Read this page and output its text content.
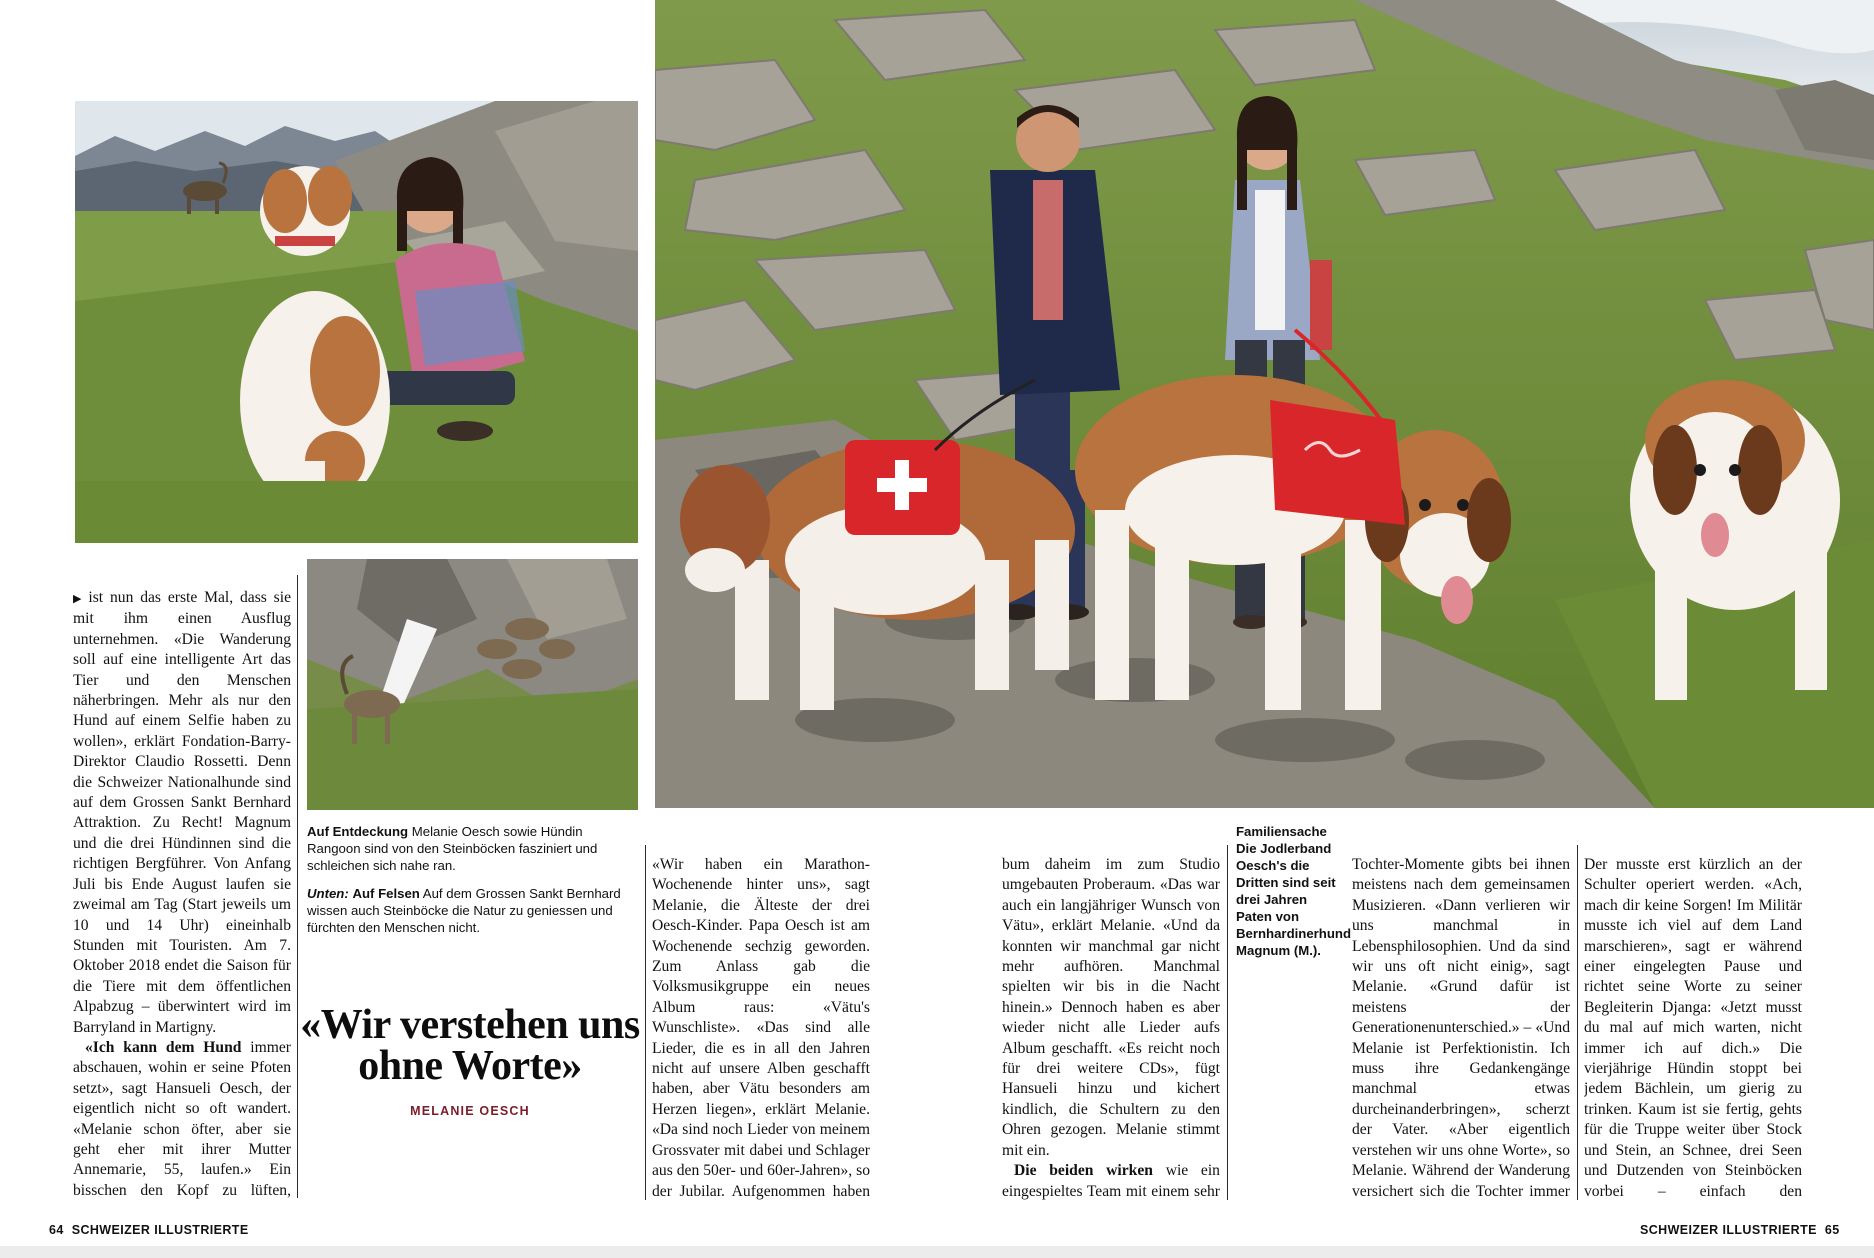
Auf Entdeckung Melanie Oesch sowie Hündin Rangoon sind von den Steinböcken fasziniert und schleichen sich nahe ran.
Unten: Auf Felsen Auf dem Grossen Sankt Bernhard wissen auch Steinböcke die Natur zu geniessen und fürchten den Menschen nicht.
Familiensache Die Jodlerband Oesch's die Dritten sind seit drei Jahren Paten von Bernhardinerhund Magnum (M.).
«Wir verstehen uns ohne Worte»
MELANIE OESCH

▶ ist nun das erste Mal, dass sie mit ihm einen Ausflug unternehmen. «Die Wanderung soll auf eine intelligente Art das Tier und den Menschen näherbringen. Mehr als nur den Hund auf einem Selfie haben zu wollen», erklärt Fondation-Barry-Direktor Claudio Rossetti. Denn die Schweizer Nationalhunde sind auf dem Grossen Sankt Bernhard Attraktion. Zu Recht! Magnum und die drei Hündinnen sind die richtigen Bergführer. Von Anfang Juli bis Ende August laufen sie zweimal am Tag (Start jeweils um 10 und 14 Uhr) eineinhalb Stunden mit Touristen. Am 7. Oktober 2018 endet die Saison für die Tiere mit dem öffentlichen Alpabzug – überwintert wird im Barryland in Martigny.

«Ich kann dem Hund immer abschauen, wohin er seine Pfoten setzt», sagt Hansueli Oesch, der eigentlich nicht so oft wandert. «Melanie schon öfter, aber sie geht eher mit ihrer Mutter Annemarie, 55, laufen.» Ein bisschen den Kopf zu lüften,

«Wir haben ein Marathon-Wochenende hinter uns», sagt Melanie, die Älteste der drei Oesch-Kinder. Papa Oesch ist am Wochenende sechzig geworden. Zum Anlass gab die Volksmusikgruppe ein neues Album raus: «Vätu's Wunschliste». «Das sind alle Lieder, die es in all den Jahren nicht auf unsere Alben geschafft haben, aber Vätu besonders am Herzen liegen», erklärt Melanie. «Da sind noch Lieder von meinem Grossvater mit dabei und Schlager aus den 50er- und 60er-Jahren», so der Jubilar. Aufgenommen haben

bum daheim im zum Studio umgebauten Proberaum. «Das war auch ein langjähriger Wunsch von Vätu», erklärt Melanie. «Und da konnten wir manchmal gar nicht mehr aufhören. Manchmal spielten wir bis in die Nacht hinein.» Dennoch haben es aber wieder nicht alle Lieder aufs Album geschafft. «Es reicht noch für drei weitere CDs», fügt Hansueli hinzu und kichert kindlich, die Schultern zu den Ohren gezogen. Melanie stimmt mit ein.

Die beiden wirken wie ein eingespieltes Team mit einem sehr

Tochter-Momente gibts bei ihnen meistens nach dem gemeinsamen Musizieren. «Dann verlieren wir uns manchmal in Lebensphilosophien. Und da sind wir uns oft nicht einig», sagt Melanie. «Grund dafür ist meistens der Generationenunterschied.» – «Und Melanie ist Perfektionistin. Ich muss ihre Gedankengänge manchmal etwas durcheinanderbringen», scherzt der Vater. «Aber eigentlich verstehen wir uns ohne Worte», so Melanie. Während der Wanderung versichert sich die Tochter immer

Der musste erst kürzlich an der Schulter operiert werden. «Ach, mach dir keine Sorgen! Im Militär musste ich viel auf dem Land marschieren», sagt er während einer eingelegten Pause und richtet seine Worte zu seiner Begleiterin Djanga: «Jetzt musst du mal auf mich warten, nicht immer ich auf dich.» Die vierjährige Hündin stoppt bei jedem Bächlein, um gierig zu trinken. Kaum ist sie fertig, gehts für die Truppe weiter über Stock und Stein, an Schnee, drei Seen und Dutzenden von Steinböcken vorbei – einfach den

64 SCHWEIZER ILLUSTRIERTE	SCHWEIZER ILLUSTRIERTE 65
